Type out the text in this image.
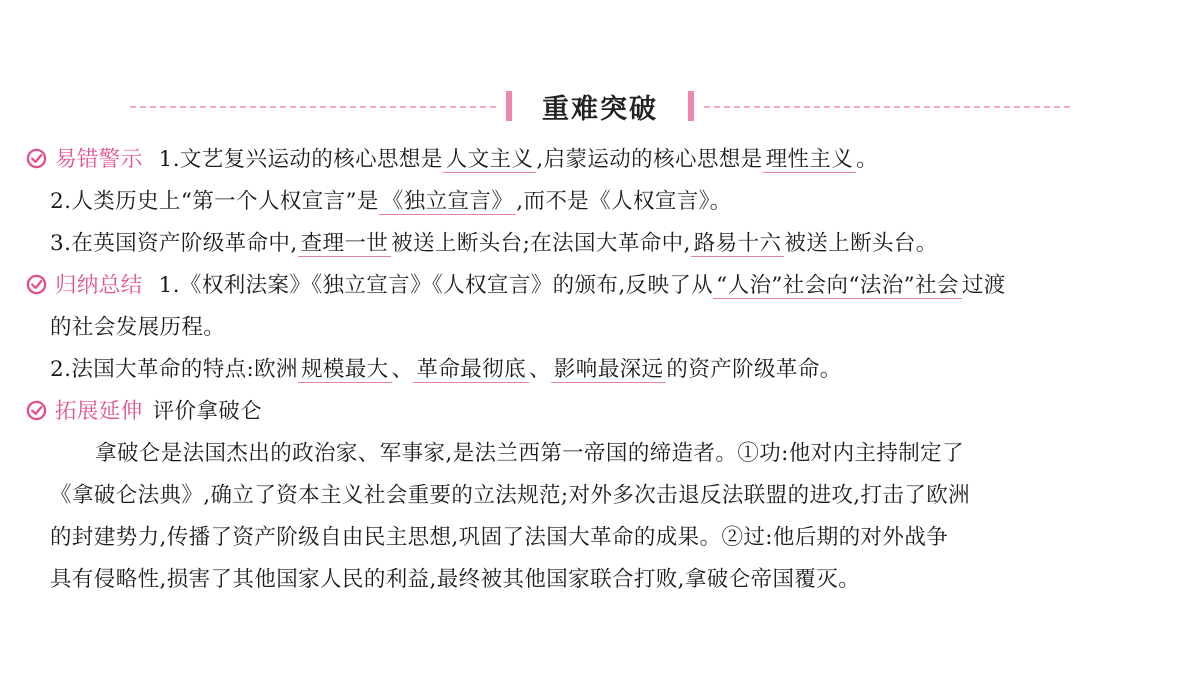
重难突破
易错警示 1.文艺复兴运动的核心思想是 人文主义 ,启蒙运动的核心思想是 理性主义 。
2.人类历史上“第一个人权宣言”是 《独立宣言》 ,而不是《人权宣言》。
3.在英国资产阶级革命中, 查理一世 被送上断头台;在法国大革命中, 路易十六 被送上断头台。
归纳总结 1.《权利法案》《独立宣言》《人权宣言》的颁布,反映了从 “人治”社会向“法治”社会 过渡
的社会发展历程。
2.法国大革命的特点:欧洲 规模最大 、 革命最彻底 、 影响最深远 的资产阶级革命。
拓展延伸 评价拿破仑
拿破仑是法国杰出的政治家、军事家,是法兰西第一帝国的缔造者。①功:他对内主持制定了
《拿破仑法典》,确立了资本主义社会重要的立法规范;对外多次击退反法联盟的进攻,打击了欧洲
的封建势力,传播了资产阶级自由民主思想,巩固了法国大革命的成果。②过:他后期的对外战争
具有侵略性,损害了其他国家人民的利益,最终被其他国家联合打败,拿破仑帝国覆灭。
